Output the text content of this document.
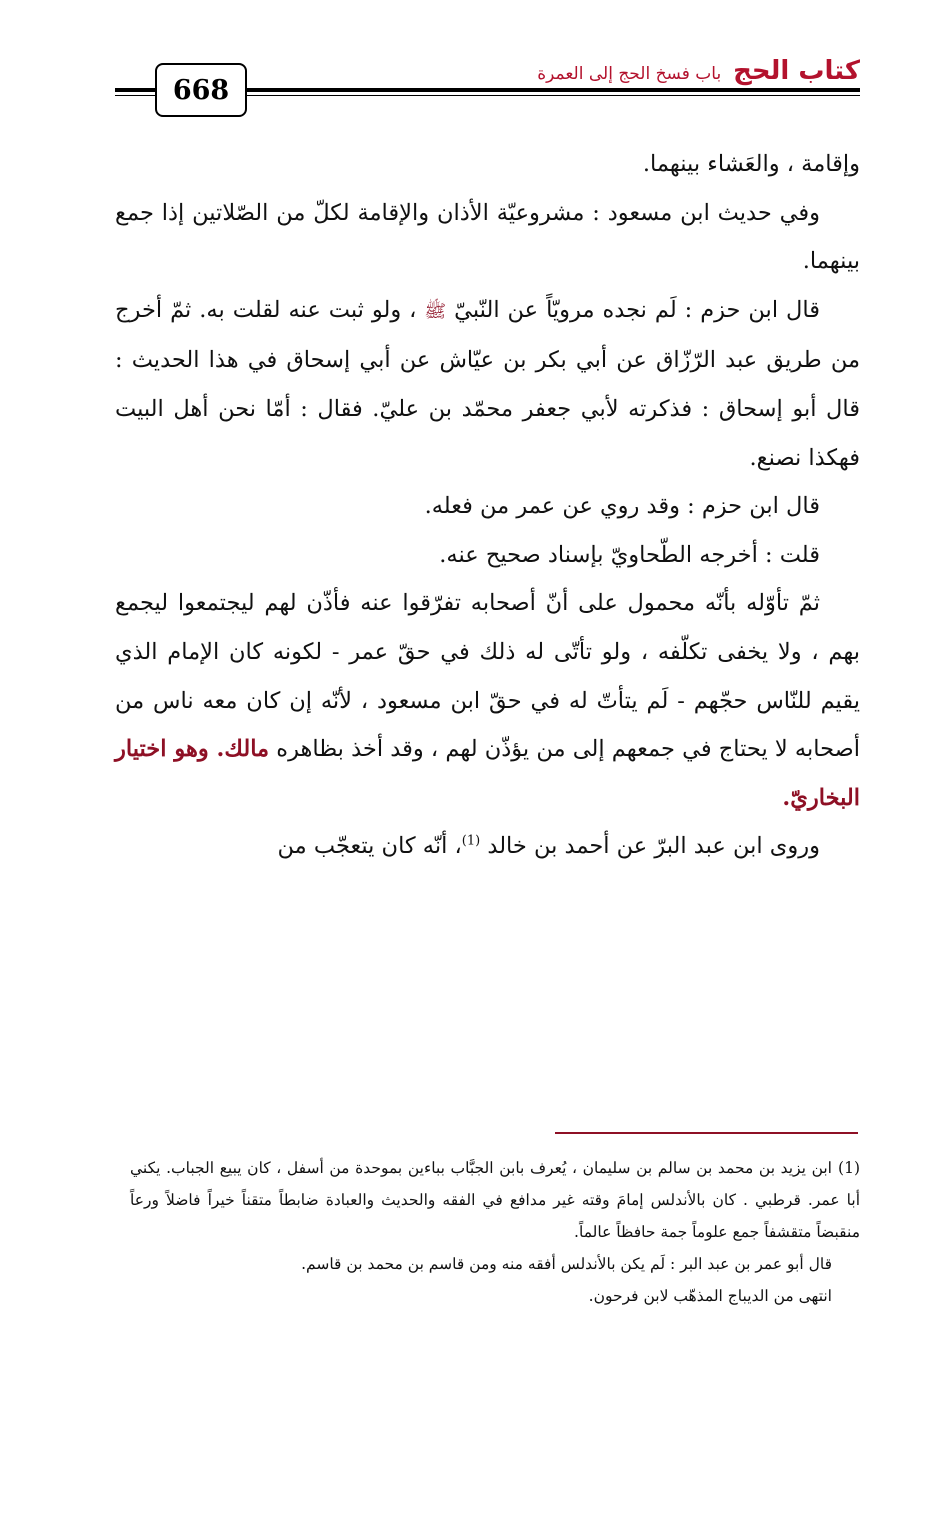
كتاب الحج
باب فسخ الحج إلى العمرة
668

وإقامة ، والعَشاء بينهما.

وفي حديث ابن مسعود : مشروعيّة الأذان والإقامة لكلّ من الصّلاتين إذا جمع بينهما.

قال ابن حزم : لَم نجده مرويّاً عن النّبيّ ﷺ ، ولو ثبت عنه لقلت به. ثمّ أخرج من طريق عبد الرّزّاق عن أبي بكر بن عيّاش عن أبي إسحاق في هذا الحديث : قال أبو إسحاق : فذكرته لأبي جعفر محمّد بن عليّ. فقال : أمّا نحن أهل البيت فهكذا نصنع.

قال ابن حزم : وقد روي عن عمر من فعله.

قلت : أخرجه الطّحاويّ بإسناد صحيح عنه.

ثمّ تأوّله بأنّه محمول على أنّ أصحابه تفرّقوا عنه فأذّن لهم ليجتمعوا ليجمع بهم ، ولا يخفى تكلّفه ، ولو تأتّى له ذلك في حقّ عمر - لكونه كان الإمام الذي يقيم للنّاس حجّهم - لَم يتأتّ له في حقّ ابن مسعود ، لأنّه إن كان معه ناس من أصحابه لا يحتاج في جمعهم إلى من يؤذّن لهم ، وقد أخذ بظاهره مالك. وهو اختيار البخاريّ.

وروى ابن عبد البرّ عن أحمد بن خالد $^{(1)}$، أنّه كان يتعجّب من

(1)ابن يزيد بن محمد بن سالم بن سليمان ، يُعرف بابن الجبَّاب بباءين بموحدة من أسفل ، كان يبيع الجباب. يكني أبا عمر. قرطبي . كان بالأندلس إمامَ وقته غير مدافع في الفقه والحديث والعبادة ضابطاً متقناً خيراً فاضلاً ورعاً منقبضاً متقشفاً جمع علوماً جمة حافظاً عالماً.

قال أبو عمر بن عبد البر : لَم يكن بالأندلس أفقه منه ومن قاسم بن محمد بن قاسم.

انتهى من الديباج المذهّب لابن فرحون.
